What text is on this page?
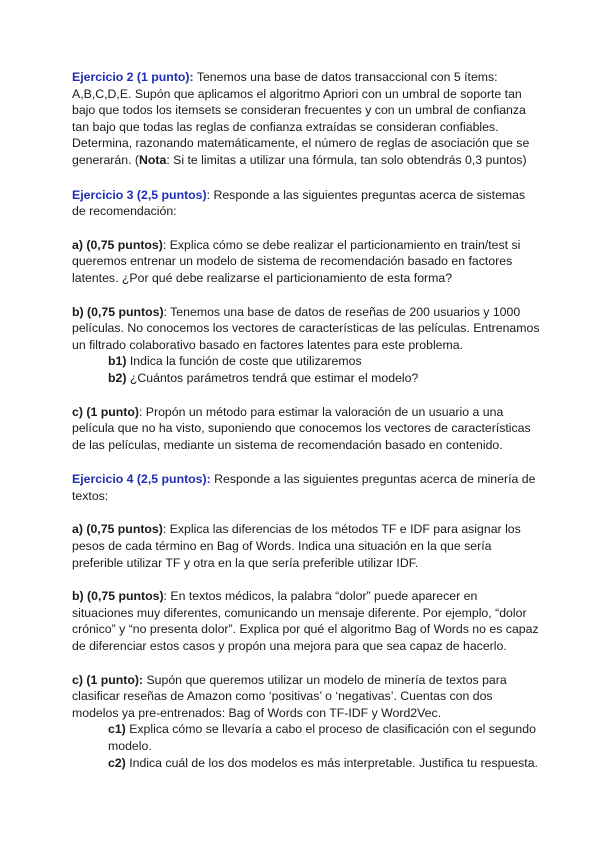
Ejercicio 2 (1 punto): Tenemos una base de datos transaccional con 5 ítems: A,B,C,D,E. Supón que aplicamos el algoritmo Apriori con un umbral de soporte tan bajo que todos los itemsets se consideran frecuentes y con un umbral de confianza tan bajo que todas las reglas de confianza extraídas se consideran confiables. Determina, razonando matemáticamente, el número de reglas de asociación que se generarán. (Nota: Si te limitas a utilizar una fórmula, tan solo obtendrás 0,3 puntos)

Ejercicio 3 (2,5 puntos): Responde a las siguientes preguntas acerca de sistemas de recomendación:

a) (0,75 puntos): Explica cómo se debe realizar el particionamiento en train/test si queremos entrenar un modelo de sistema de recomendación basado en factores latentes. ¿Por qué debe realizarse el particionamiento de esta forma?

b) (0,75 puntos): Tenemos una base de datos de reseñas de 200 usuarios y 1000 películas. No conocemos los vectores de características de las películas. Entrenamos un filtrado colaborativo basado en factores latentes para este problema.

b1) Indica la función de coste que utilizaremos

b2) ¿Cuántos parámetros tendrá que estimar el modelo?

c) (1 punto): Propón un método para estimar la valoración de un usuario a una película que no ha visto, suponiendo que conocemos los vectores de características de las películas, mediante un sistema de recomendación basado en contenido.

Ejercicio 4 (2,5 puntos): Responde a las siguientes preguntas acerca de minería de textos:

a) (0,75 puntos): Explica las diferencias de los métodos TF e IDF para asignar los pesos de cada término en Bag of Words. Indica una situación en la que sería preferible utilizar TF y otra en la que sería preferible utilizar IDF.

b) (0,75 puntos): En textos médicos, la palabra “dolor” puede aparecer en situaciones muy diferentes, comunicando un mensaje diferente. Por ejemplo, “dolor crónico” y “no presenta dolor”. Explica por qué el algoritmo Bag of Words no es capaz de diferenciar estos casos y propón una mejora para que sea capaz de hacerlo.

c) (1 punto): Supón que queremos utilizar un modelo de minería de textos para clasificar reseñas de Amazon como ‘positivas’ o ‘negativas’. Cuentas con dos modelos ya pre-entrenados: Bag of Words con TF-IDF y Word2Vec.

c1) Explica cómo se llevaría a cabo el proceso de clasificación con el segundo modelo.

c2) Indica cuál de los dos modelos es más interpretable. Justifica tu respuesta.
